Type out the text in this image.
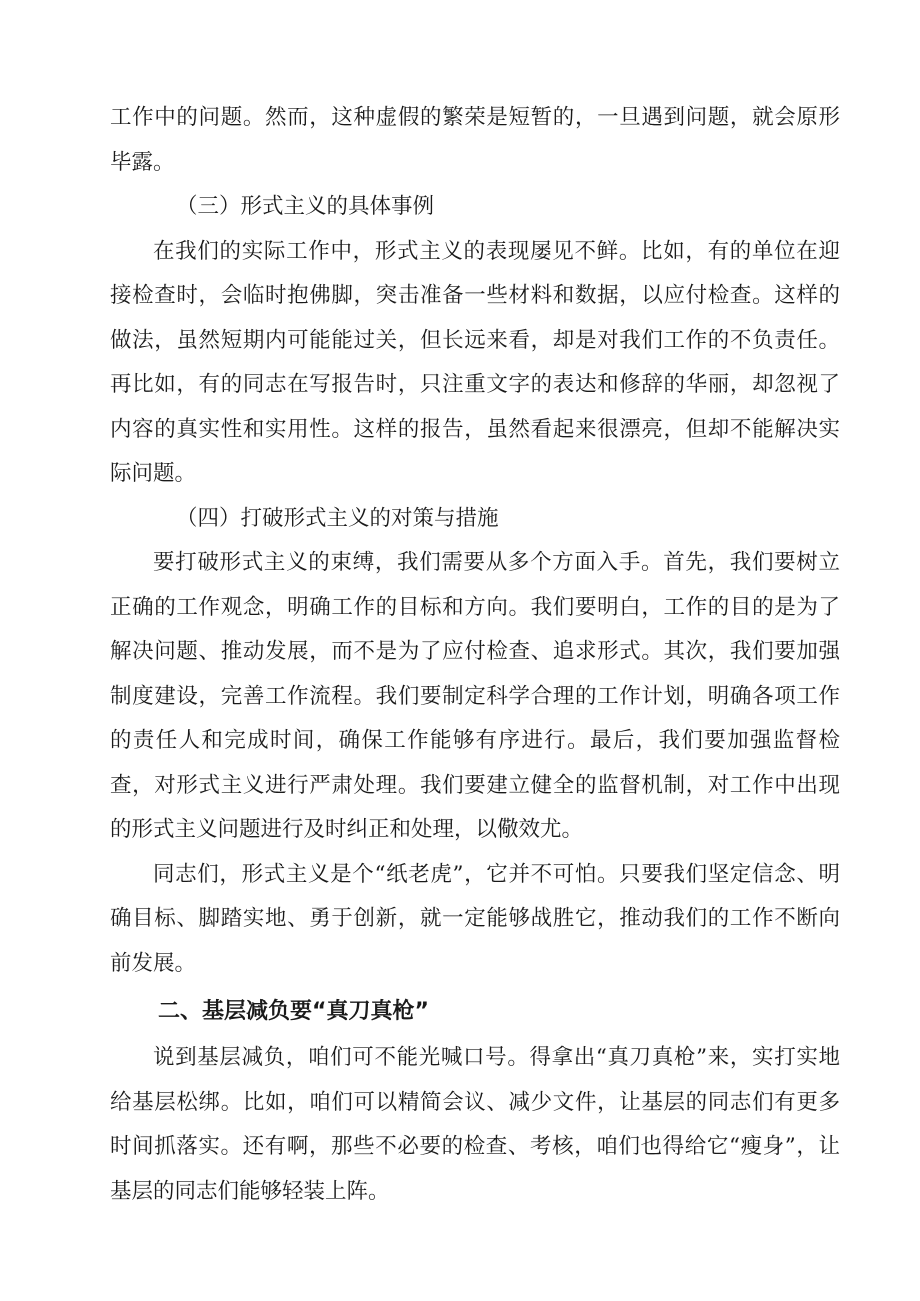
工作中的问题。然而，这种虚假的繁荣是短暂的，一旦遇到问题，就会原形毕露。

（三）形式主义的具体事例

在我们的实际工作中，形式主义的表现屡见不鲜。比如，有的单位在迎接检查时，会临时抱佛脚，突击准备一些材料和数据，以应付检查。这样的做法，虽然短期内可能能过关，但长远来看，却是对我们工作的不负责任。再比如，有的同志在写报告时，只注重文字的表达和修辞的华丽，却忽视了内容的真实性和实用性。这样的报告，虽然看起来很漂亮，但却不能解决实际问题。

（四）打破形式主义的对策与措施

要打破形式主义的束缚，我们需要从多个方面入手。首先，我们要树立正确的工作观念，明确工作的目标和方向。我们要明白，工作的目的是为了解决问题、推动发展，而不是为了应付检查、追求形式。其次，我们要加强制度建设，完善工作流程。我们要制定科学合理的工作计划，明确各项工作的责任人和完成时间，确保工作能够有序进行。最后，我们要加强监督检查，对形式主义进行严肃处理。我们要建立健全的监督机制，对工作中出现的形式主义问题进行及时纠正和处理，以儆效尤。

同志们，形式主义是个“纸老虎”，它并不可怕。只要我们坚定信念、明确目标、脚踏实地、勇于创新，就一定能够战胜它，推动我们的工作不断向前发展。

二、基层减负要“真刀真枪”

说到基层减负，咱们可不能光喊口号。得拿出“真刀真枪”来，实打实地给基层松绑。比如，咱们可以精简会议、减少文件，让基层的同志们有更多时间抓落实。还有啊，那些不必要的检查、考核，咱们也得给它“瘦身”，让基层的同志们能够轻装上阵。
